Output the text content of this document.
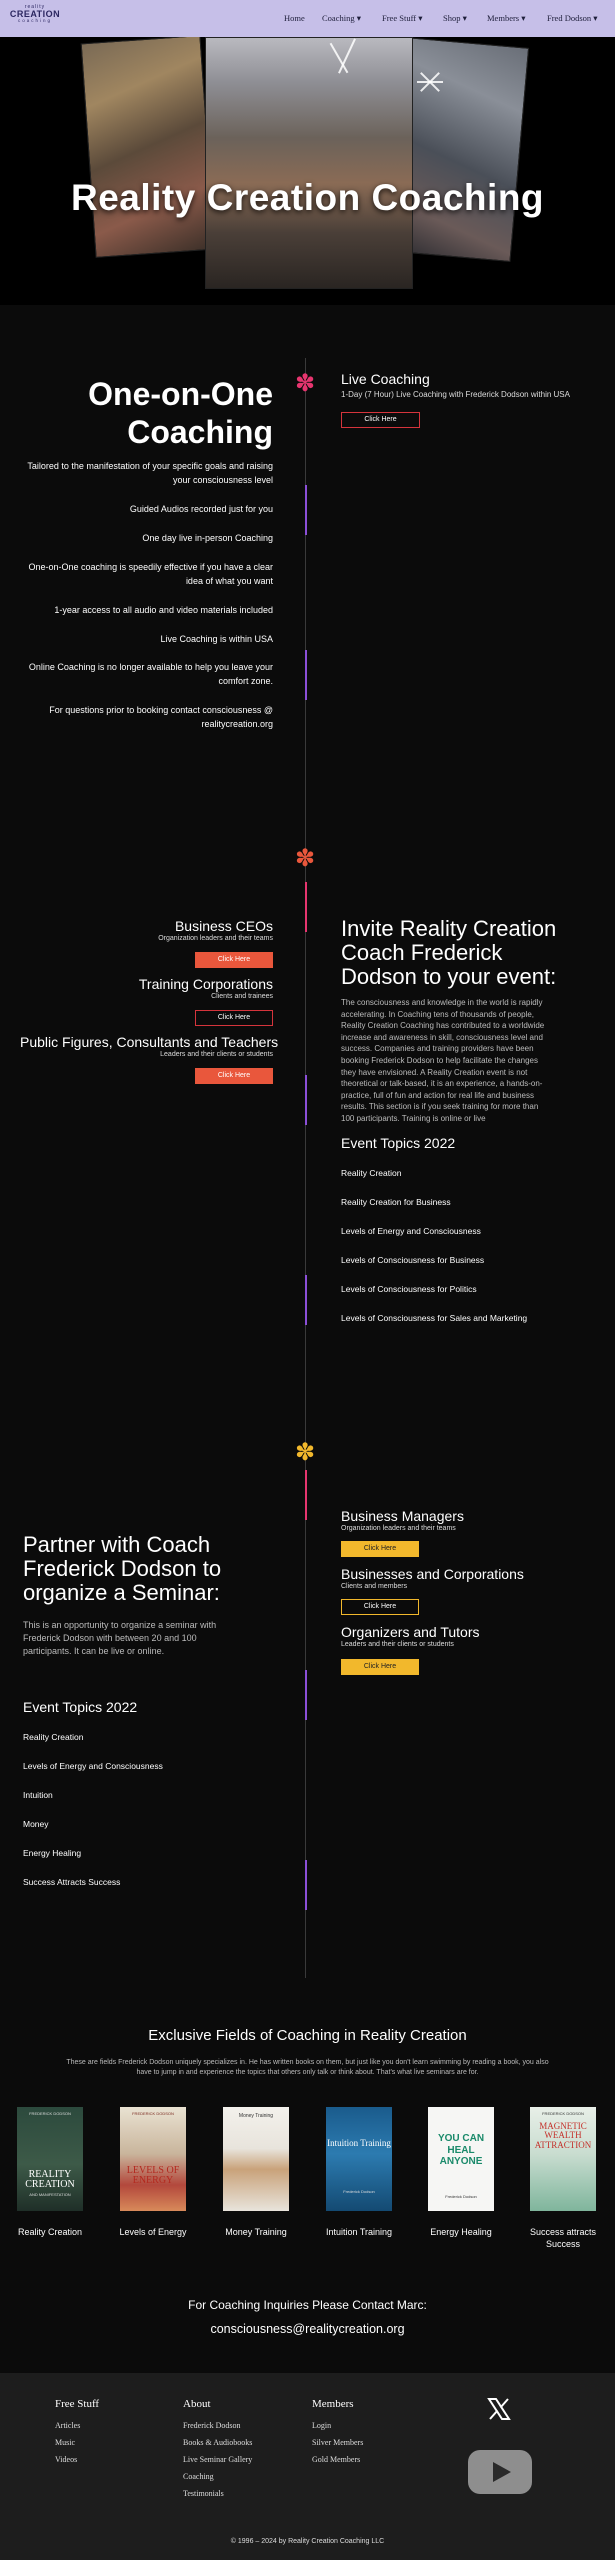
reality
CREATION
coaching	Home Coaching ▾ Free Stuff ▾ Shop ▾ Members ▾	Fred Dodson ▾
Reality Creation Coaching
✽
One-on-One Coaching
Tailored to the manifestation of your specific goals and raising your consciousness level
Guided Audios recorded just for you
One day live in-person Coaching
One-on-One coaching is speedily effective if you have a clear idea of what you want
1-year access to all audio and video materials included
Live Coaching is within USA
Online Coaching is no longer available to help you leave your comfort zone.
For questions prior to booking contact consciousness @ realitycreation.org
Live Coaching
1-Day (7 Hour) Live Coaching with Frederick Dodson within USA
Click Here
✽
Business CEOs
Organization leaders and their teams
Click Here
Training Corporations
Clients and trainees
Click Here
Public Figures, Consultants and Teachers
Leaders and their clients or students
Click Here
Invite Reality Creation Coach Frederick Dodson to your event:
The consciousness and knowledge in the world is rapidly accelerating. In Coaching tens of thousands of people, Reality Creation Coaching has contributed to a worldwide increase and awareness in skill, consciousness level and success. Companies and training providers have been booking Frederick Dodson to help facilitate the changes they have envisioned. A Reality Creation event is not theoretical or talk-based, it is an experience, a hands-on-practice, full of fun and action for real life and business results. This section is if you seek training for more than 100 participants. Training is online or live
Event Topics 2022
Reality Creation
Reality Creation for Business
Levels of Energy and Consciousness
Levels of Consciousness for Business
Levels of Consciousness for Politics
Levels of Consciousness for Sales and Marketing
✽
Partner with Coach Frederick Dodson to organize a Seminar:
This is an opportunity to organize a seminar with Frederick Dodson with between 20 and 100 participants. It can be live or online.
Event Topics 2022
Reality Creation
Levels of Energy and Consciousness
Intuition
Money
Energy Healing
Success Attracts Success
Business Managers
Organization leaders and their teams
Click Here
Businesses and Corporations
Clients and members
Click Here
Organizers and Tutors
Leaders and their clients or students
Click Here
Exclusive Fields of Coaching in Reality Creation
These are fields Frederick Dodson uniquely specializes in. He has written books on them, but just like you don't learn swimming by reading a book, you also have to jump in and experience the topics that others only talk or think about. That's what live seminars are for.
FREDERICK DODSON
REALITY CREATION
AND MANIFESTATION
FREDERICK DODSON
LEVELS OF ENERGY
Money Training
Intuition Training
Frederick Dodson
YOU CAN HEAL ANYONE
Frederick Dodson
FREDERICK DODSON
MAGNETIC WEALTH ATTRACTION
Reality Creation	Levels of Energy	Money Training	Intuition Training	Energy Healing	Success attracts Success
For Coaching Inquiries Please Contact Marc:
consciousness@realitycreation.org
Free Stuff
Articles
Music
Videos
About
Frederick Dodson
Books & Audiobooks
Live Seminar Gallery
Coaching
Testimonials
Members
Login
Silver Members
Gold Members
© 1996 – 2024 by Reality Creation Coaching LLC
